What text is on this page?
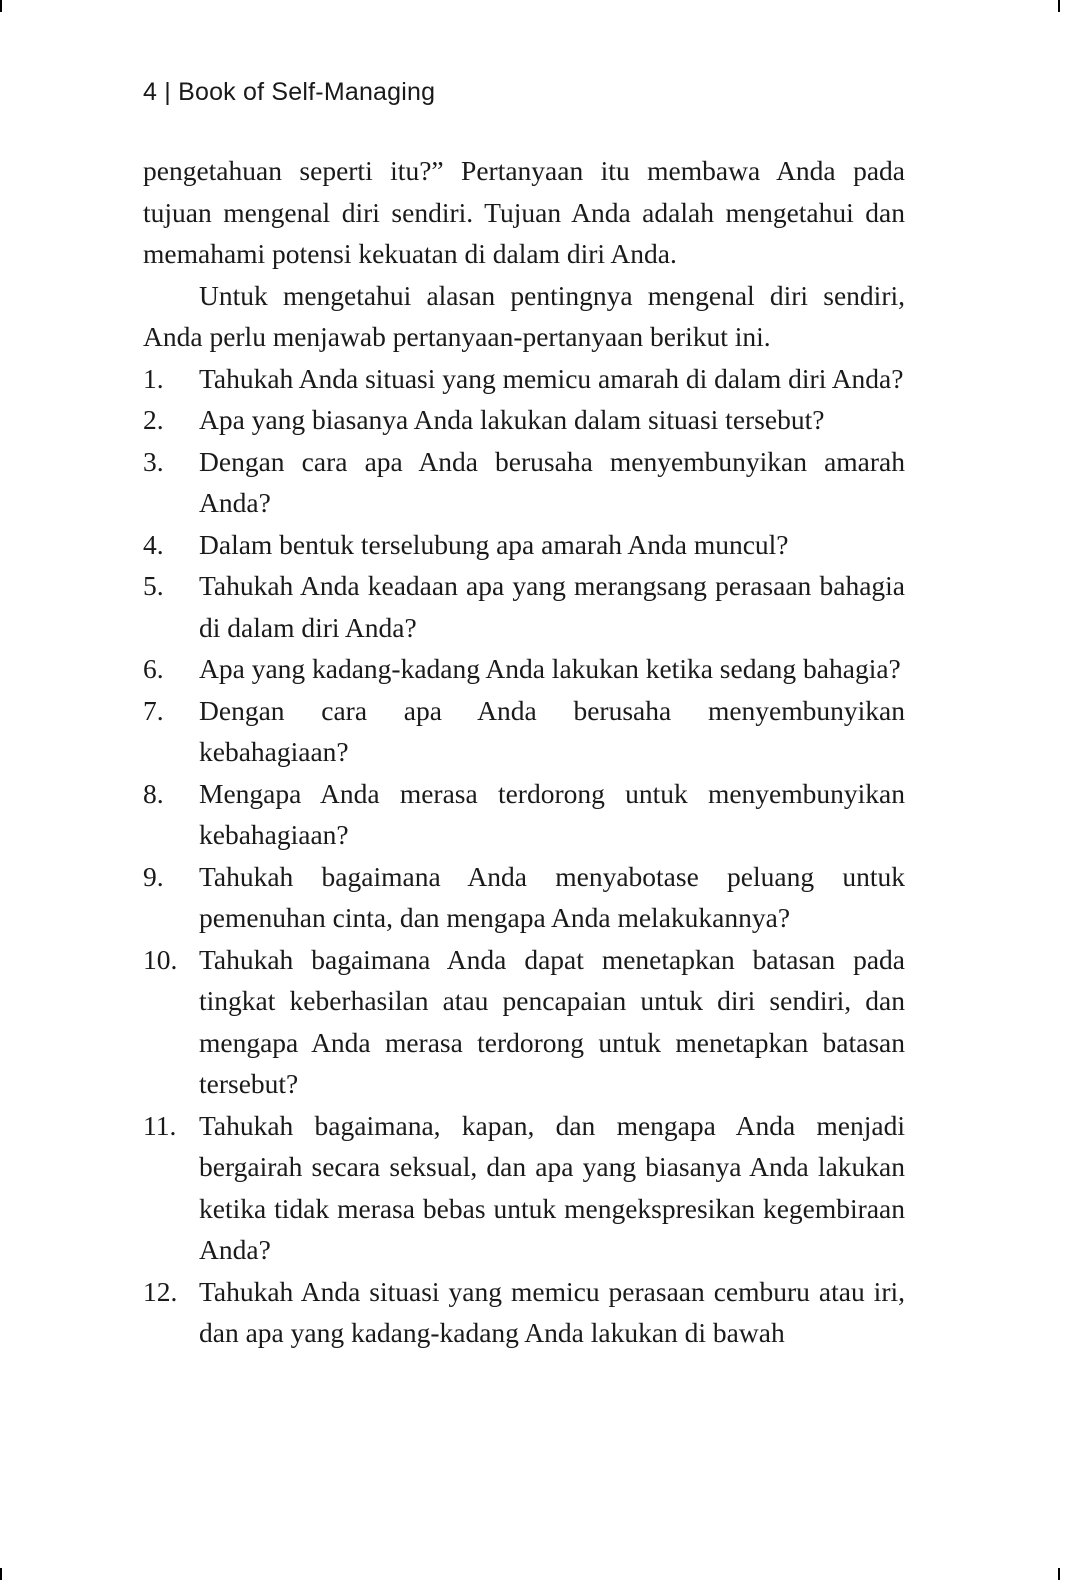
4 | Book of Self-Managing

pengetahuan seperti itu?” Pertanyaan itu membawa Anda pada tujuan mengenal diri sendiri. Tujuan Anda adalah mengetahui dan memahami potensi kekuatan di dalam diri Anda.

Untuk mengetahui alasan pentingnya mengenal diri sendiri, Anda perlu menjawab pertanyaan-pertanyaan berikut ini.

1.	Tahukah Anda situasi yang memicu amarah di dalam diri Anda?
2.	Apa yang biasanya Anda lakukan dalam situasi tersebut?
3.	Dengan cara apa Anda berusaha menyembunyikan amarah Anda?
4.	Dalam bentuk terselubung apa amarah Anda muncul?
5.	Tahukah Anda keadaan apa yang merangsang perasaan bahagia di dalam diri Anda?
6.	Apa yang kadang-kadang Anda lakukan ketika sedang bahagia?
7.	Dengan cara apa Anda berusaha menyembunyikan kebahagiaan?
8.	Mengapa Anda merasa terdorong untuk menyembunyikan kebahagiaan?
9.	Tahukah bagaimana Anda menyabotase peluang untuk pemenuhan cinta, dan mengapa Anda melakukannya?
10. Tahukah bagaimana Anda dapat menetapkan batasan pada tingkat keberhasilan atau pencapaian untuk diri sendiri, dan mengapa Anda merasa terdorong untuk menetapkan batasan tersebut?
11. Tahukah bagaimana, kapan, dan mengapa Anda menjadi bergairah secara seksual, dan apa yang biasanya Anda lakukan ketika tidak merasa bebas untuk mengekspresikan kegembiraan Anda?
12. Tahukah Anda situasi yang memicu perasaan cemburu atau iri, dan apa yang kadang-kadang Anda lakukan di bawah
